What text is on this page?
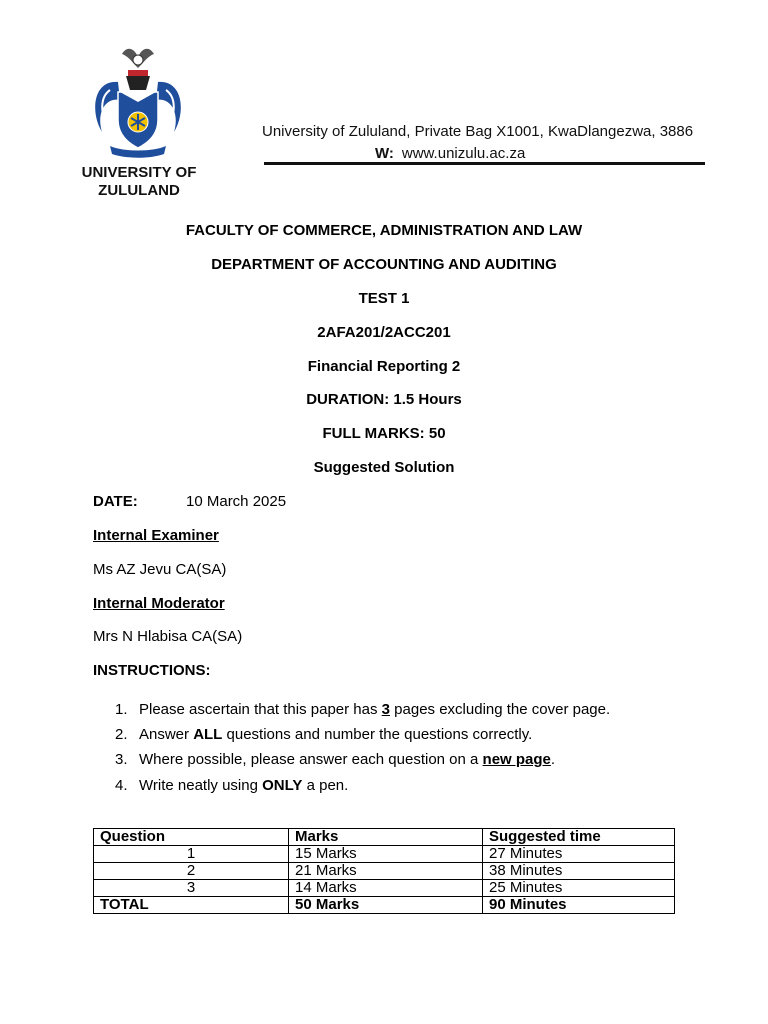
UNIVERSITY OF
ZULULAND
University of Zululand, Private Bag X1001, KwaDlangezwa, 3886
W: www.unizulu.ac.za
FACULTY OF COMMERCE, ADMINISTRATION AND LAW
DEPARTMENT OF ACCOUNTING AND AUDITING
TEST 1
2AFA201/2ACC201
Financial Reporting 2
DURATION: 1.5 Hours
FULL MARKS: 50
Suggested Solution
DATE:	10 March 2025
Internal Examiner
Ms AZ Jevu CA(SA)
Internal Moderator
Mrs N Hlabisa CA(SA)
INSTRUCTIONS:
1. Please ascertain that this paper has 3 pages excluding the cover page.
2. Answer ALL questions and number the questions correctly.
3. Where possible, please answer each question on a new page.
4. Write neatly using ONLY a pen.
Question	Marks	Suggested time
1	15 Marks	27 Minutes
2	21 Marks	38 Minutes
3	14 Marks	25 Minutes
TOTAL	50 Marks	90 Minutes
